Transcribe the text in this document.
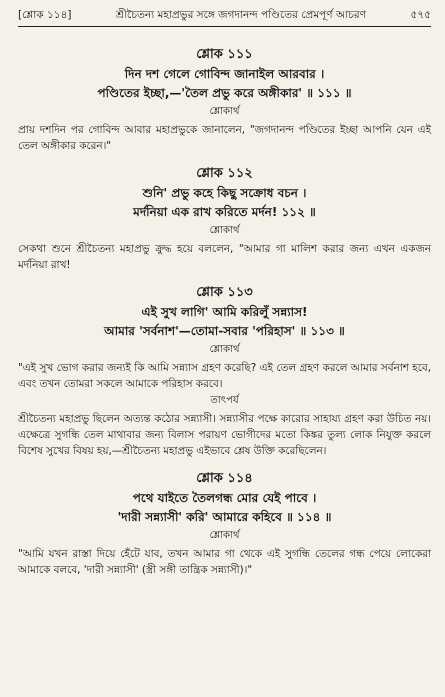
[শ্লোক ১১৪]	শ্রীচৈতন্য মহাপ্রভুর সঙ্গে জগদানন্দ পণ্ডিতের প্রেমপূর্ণ আচরণ	৫৭৫
শ্লোক ১১১
দিন দশ গেলে গোবিন্দ জানাইল আরবার ।
পণ্ডিতের ইচ্ছা,—'তৈল প্রভু করে অঙ্গীকার' ॥ ১১১ ॥
শ্লোকার্থ

প্রায় দশদিন পর গোবিন্দ আবার মহাপ্রভুকে জানালেন, "জগদানন্দ পণ্ডিতের ইচ্ছা আপনি যেন এই তেল অঙ্গীকার করেন।"

শ্লোক ১১২
শুনি' প্রভু কহে কিছু সক্রোধ বচন ।
মর্দনিয়া এক রাখ করিতে মর্দন! ১১২ ॥
শ্লোকার্থ

সেকথা শুনে শ্রীচৈতন্য মহাপ্রভু ক্রুদ্ধ হয়ে বললেন, "আমার গা মালিশ করার জন্য এখন একজন মর্দনিয়া রাখ!

শ্লোক ১১৩
এই সুখ লাগি' আমি করিলুঁ সন্ন্যাস!
আমার 'সর্বনাশ'—তোমা-সবার 'পরিহাস' ॥ ১১৩ ॥
শ্লোকার্থ

"এই সুখ ভোগ করার জন্যই কি আমি সন্ন্যাস গ্রহণ করেছি? এই তেল গ্রহণ করলে আমার সর্বনাশ হবে, এবং তখন তোমরা সকলে আমাকে পরিহাস করবে।

তাৎপর্য

শ্রীচৈতন্য মহাপ্রভু ছিলেন অত্যন্ত কঠোর সন্ন্যাসী। সন্ন্যাসীর পক্ষে কারোর সাহায্য গ্রহণ করা উচিত নয়। এক্ষেত্রে সুগন্ধি তেল মাথাবার জন্য বিলাস পরায়ণ ভোগীদের মতো কিঙ্কর তুল্য লোক নিযুক্ত করলে বিশেষ সুখের বিষয় হয়,—শ্রীচৈতন্য মহাপ্রভু এইভাবে শ্লেষ উক্তি করেছিলেন।

শ্লোক ১১৪
পথে যাইতে তৈলগন্ধ মোর যেই পাবে ।
'দারী সন্ন্যাসী' করি' আমারে কহিবে ॥ ১১৪ ॥
শ্লোকার্থ

"আমি যখন রাস্তা দিয়ে হেঁটে যাব, তখন আমার গা থেকে এই সুগন্ধি তেলের গন্ধ পেয়ে লোকেরা আমাকে বলবে, 'দারী সন্ন্যাসী' (স্ত্রী সঙ্গী তান্ত্রিক সন্ন্যাসী)।"
